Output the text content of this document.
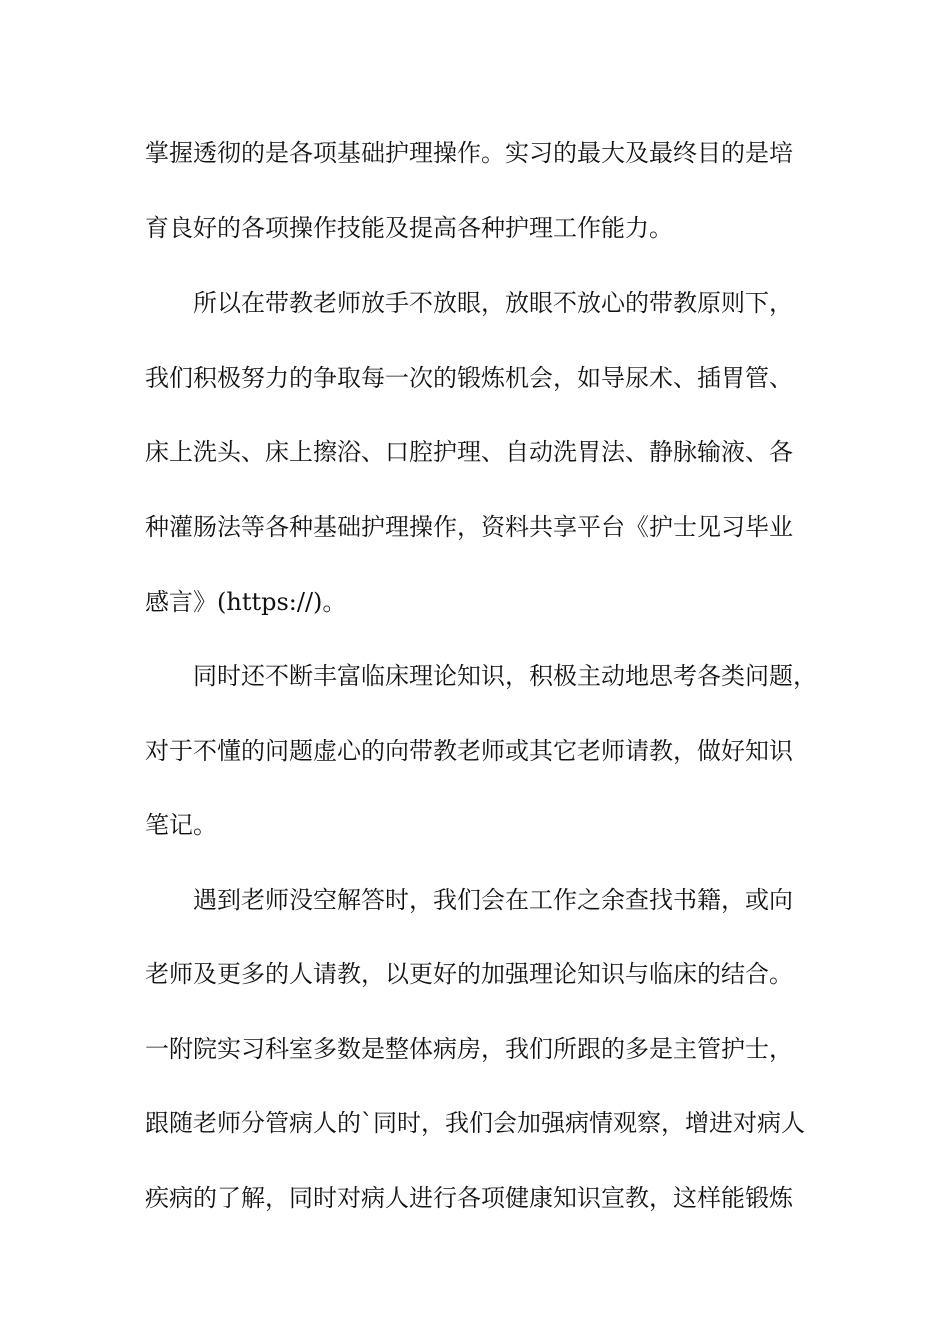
掌握透彻的是各项基础护理操作。实习的最大及最终目的是培
育良好的各项操作技能及提高各种护理工作能力。
所以在带教老师放手不放眼，放眼不放心的带教原则下，
我们积极努力的争取每一次的锻炼机会，如导尿术、插胃管、
床上洗头、床上擦浴、口腔护理、自动洗胃法、静脉输液、各
种灌肠法等各种基础护理操作，资料共享平台《护士见习毕业
感言》(https://)。
同时还不断丰富临床理论知识，积极主动地思考各类问题，
对于不懂的问题虚心的向带教老师或其它老师请教，做好知识
笔记。
遇到老师没空解答时，我们会在工作之余查找书籍，或向
老师及更多的人请教，以更好的加强理论知识与临床的结合。
一附院实习科室多数是整体病房，我们所跟的多是主管护士，
跟随老师分管病人的`同时，我们会加强病情观察，增进对病人
疾病的了解，同时对病人进行各项健康知识宣教，这样能锻炼
